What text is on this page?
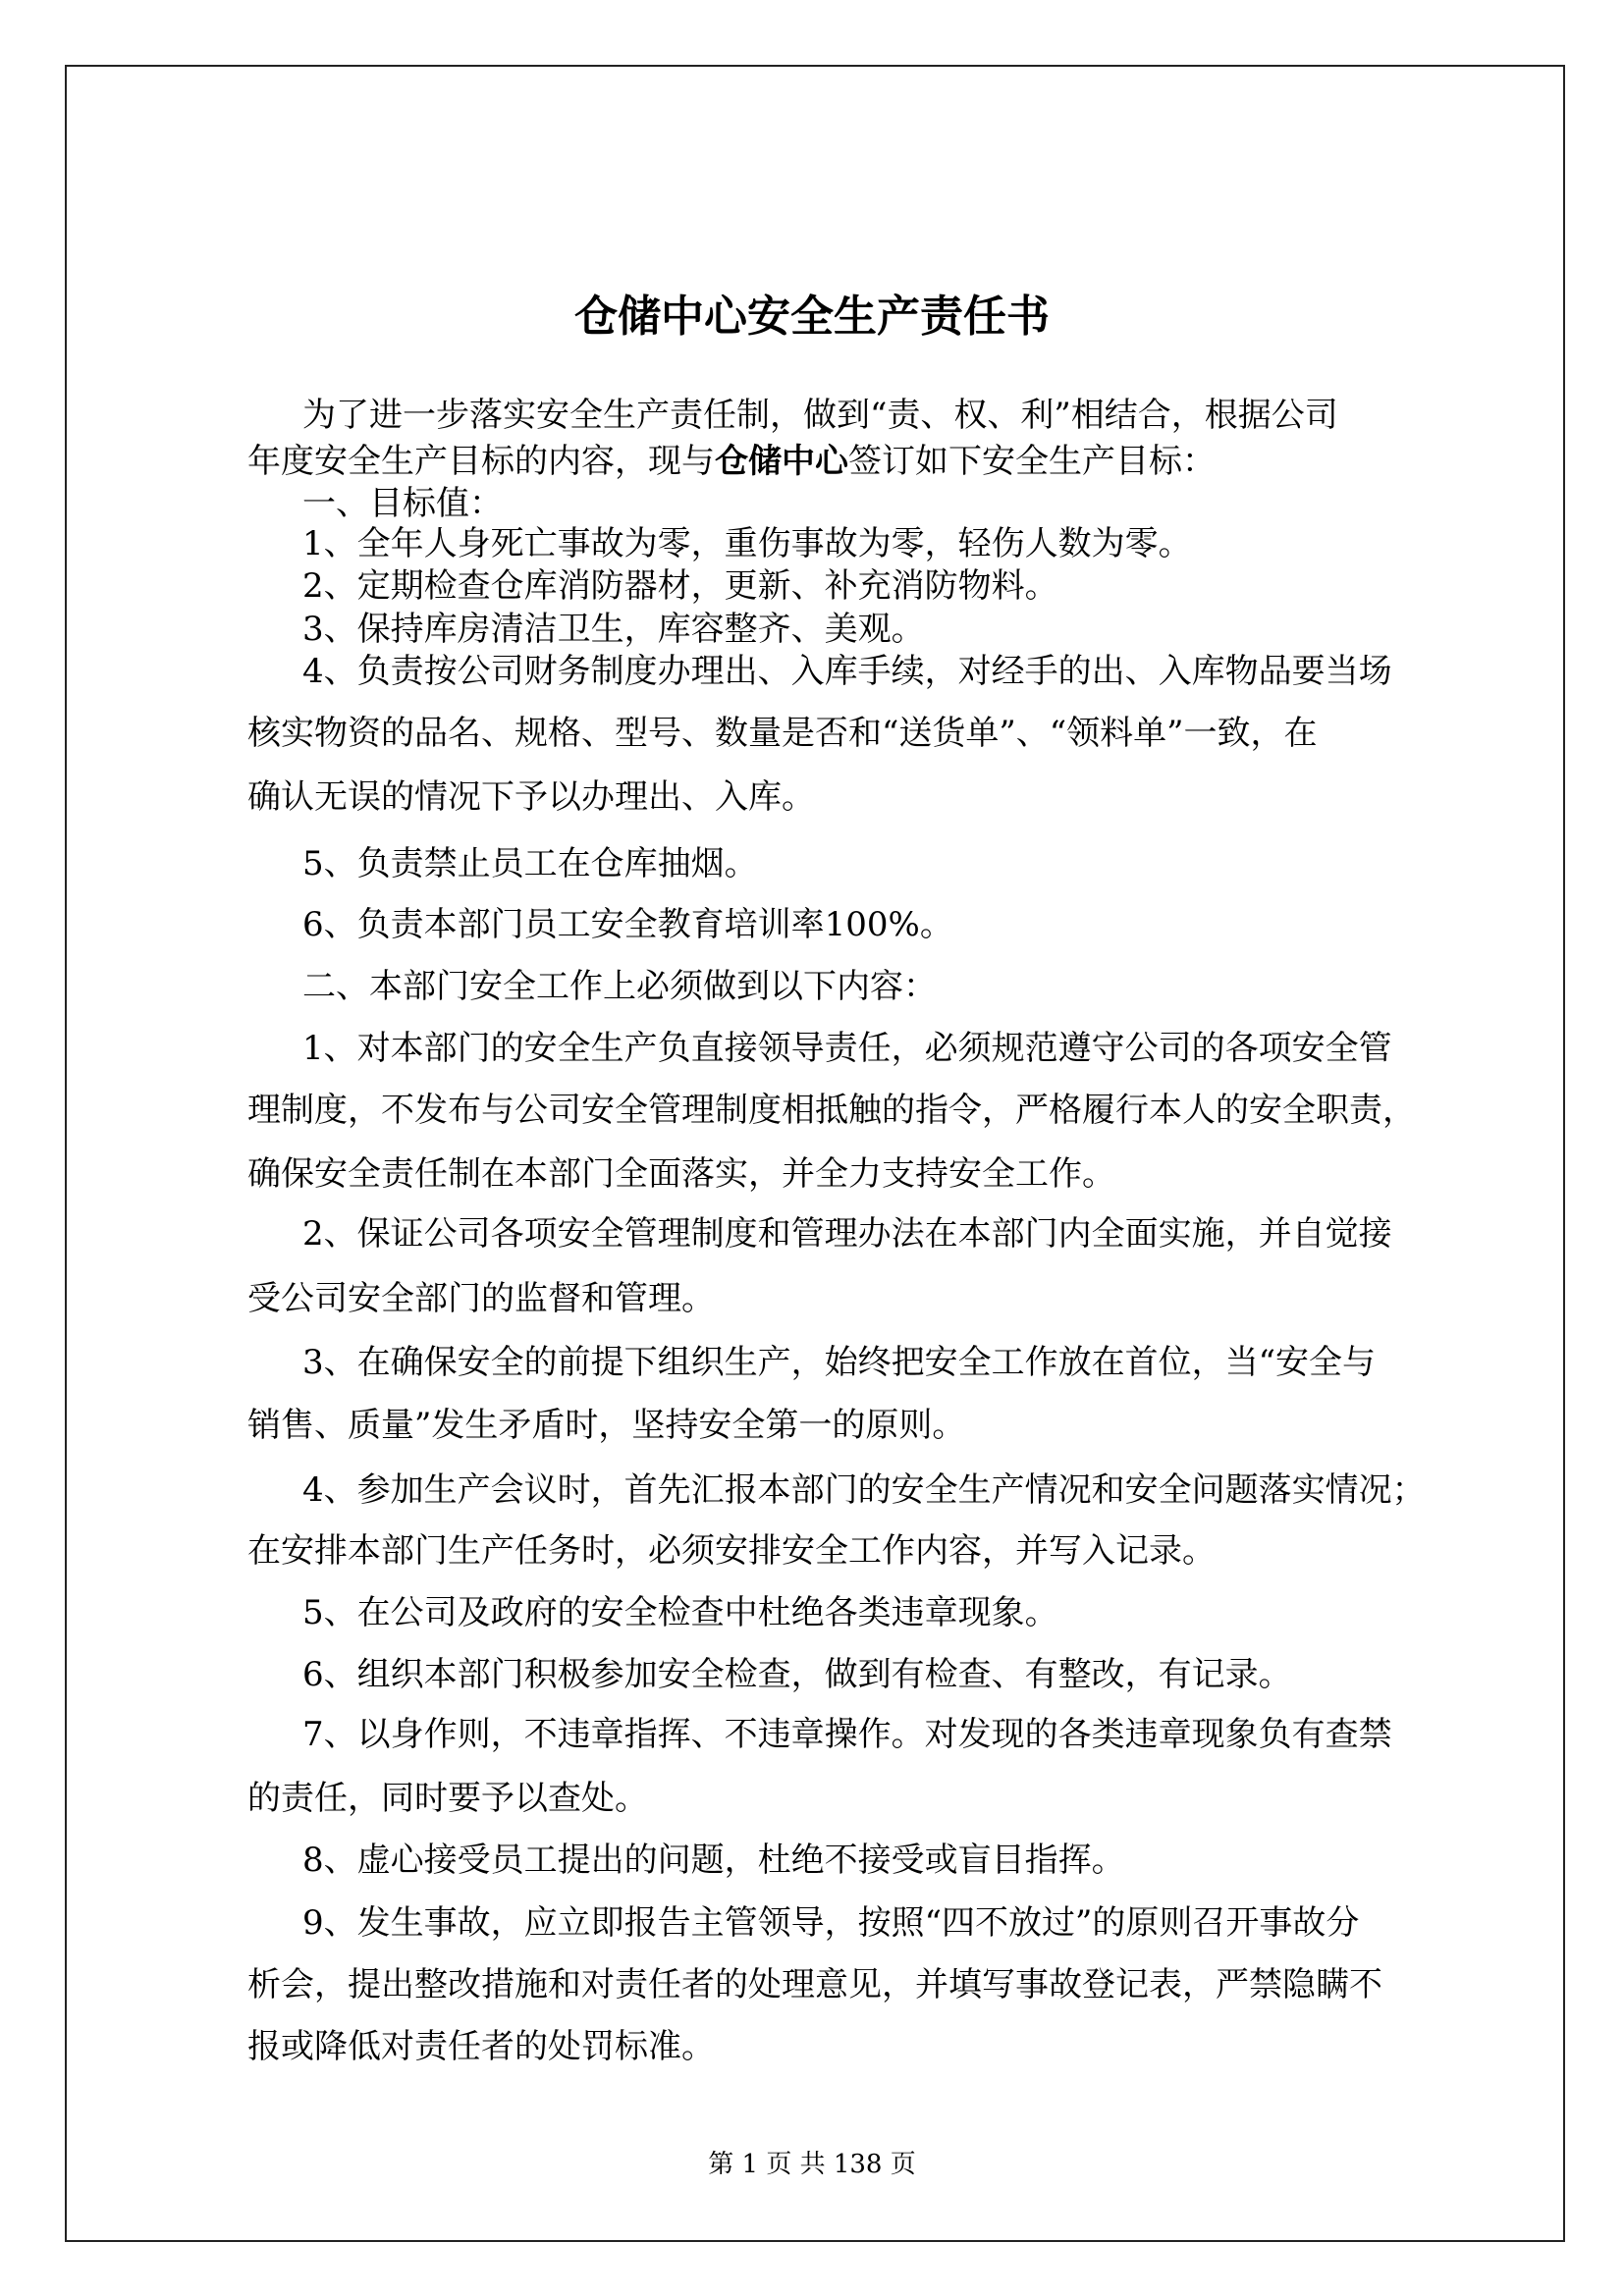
仓储中心安全生产责任书
为了进一步落实安全生产责任制，做到“责、权、利”相结合，根据公司
年度安全生产目标的内容，现与仓储中心签订如下安全生产目标：
一、目标值：
1、全年人身死亡事故为零，重伤事故为零，轻伤人数为零。
2、定期检查仓库消防器材，更新、补充消防物料。
3、保持库房清洁卫生，库容整齐、美观。
4、负责按公司财务制度办理出、入库手续，对经手的出、入库物品要当场
核实物资的品名、规格、型号、数量是否和“送货单”、“领料单”一致，在
确认无误的情况下予以办理出、入库。
5、负责禁止员工在仓库抽烟。
6、负责本部门员工安全教育培训率100%。
二、本部门安全工作上必须做到以下内容：
1、对本部门的安全生产负直接领导责任，必须规范遵守公司的各项安全管
理制度，不发布与公司安全管理制度相抵触的指令，严格履行本人的安全职责，
确保安全责任制在本部门全面落实，并全力支持安全工作。
2、保证公司各项安全管理制度和管理办法在本部门内全面实施，并自觉接
受公司安全部门的监督和管理。
3、在确保安全的前提下组织生产，始终把安全工作放在首位，当“安全与
销售、质量”发生矛盾时，坚持安全第一的原则。
4、参加生产会议时，首先汇报本部门的安全生产情况和安全问题落实情况；
在安排本部门生产任务时，必须安排安全工作内容，并写入记录。
5、在公司及政府的安全检查中杜绝各类违章现象。
6、组织本部门积极参加安全检查，做到有检查、有整改，有记录。
7、以身作则，不违章指挥、不违章操作。对发现的各类违章现象负有查禁
的责任，同时要予以查处。
8、虚心接受员工提出的问题，杜绝不接受或盲目指挥。
9、发生事故，应立即报告主管领导，按照“四不放过”的原则召开事故分
析会，提出整改措施和对责任者的处理意见，并填写事故登记表，严禁隐瞒不
报或降低对责任者的处罚标准。
第 1 页 共 138 页
